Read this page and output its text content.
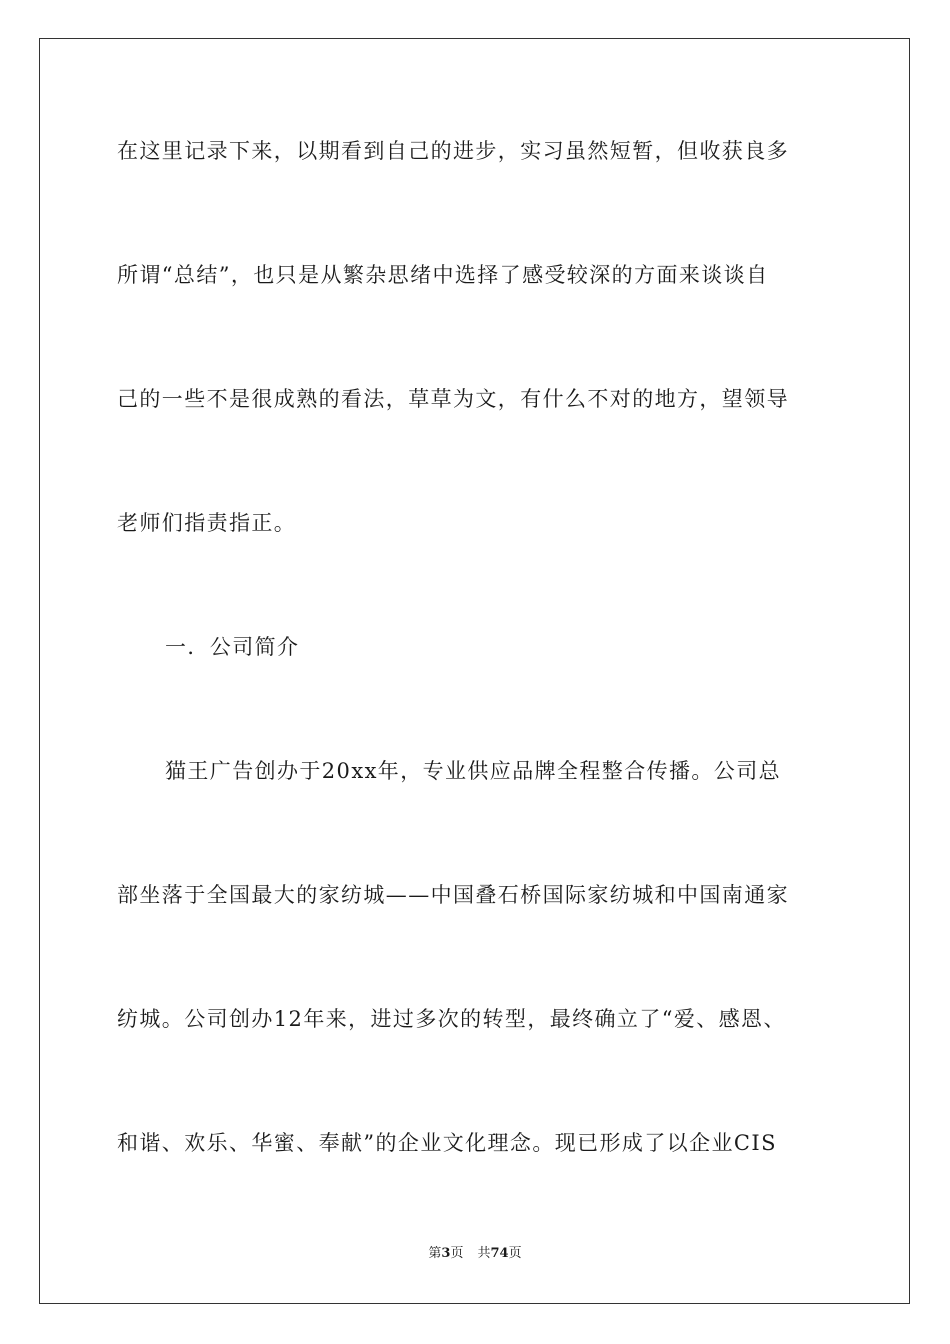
在这里记录下来，以期看到自己的进步，实习虽然短暂，但收获良多
所谓“总结”，也只是从繁杂思绪中选择了感受较深的方面来谈谈自
己的一些不是很成熟的看法，草草为文，有什么不对的地方，望领导
老师们指责指正。
一．公司简介
猫王广告创办于20xx年，专业供应品牌全程整合传播。公司总
部坐落于全国最大的家纺城——中国叠石桥国际家纺城和中国南通家
纺城。公司创办12年来，进过多次的转型，最终确立了“爱、感恩、
和谐、欢乐、华蜜、奉献”的企业文化理念。现已形成了以企业CIS
第3页 共74页
